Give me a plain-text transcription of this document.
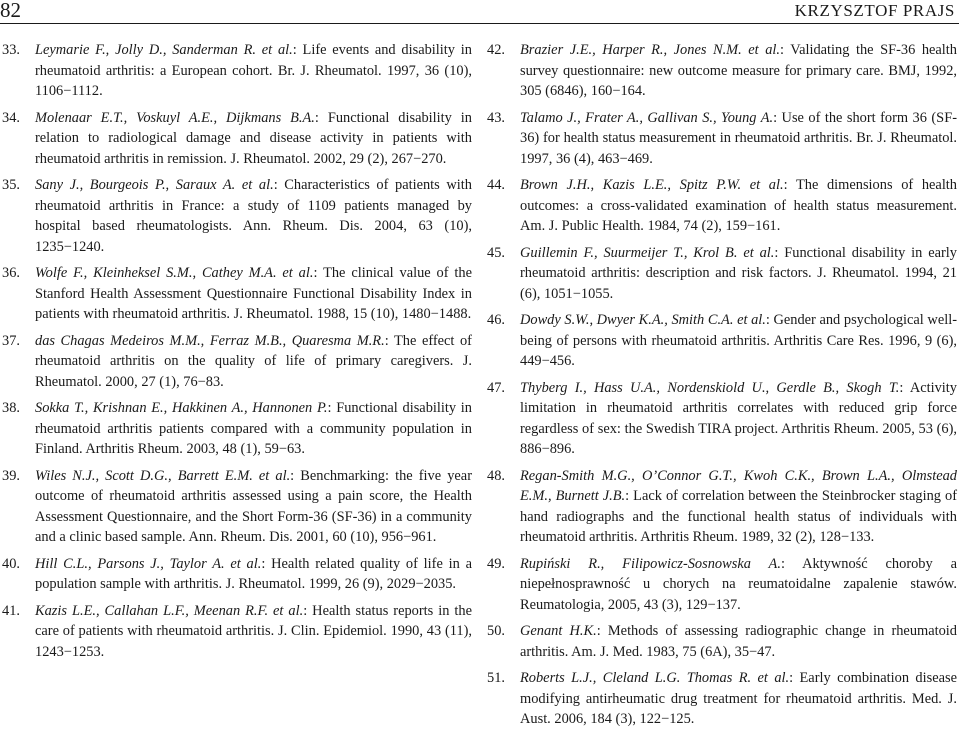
82	KRZYSZTOF PRAJS
33. Leymarie F., Jolly D., Sanderman R. et al.: Life events and disability in rheumatoid arthritis: a European cohort. Br. J. Rheumatol. 1997, 36 (10), 1106−1112.
34. Molenaar E.T., Voskuyl A.E., Dijkmans B.A.: Functional disability in relation to radiological damage and disease activity in patients with rheumatoid arthritis in remission. J. Rheumatol. 2002, 29 (2), 267−270.
35. Sany J., Bourgeois P., Saraux A. et al.: Characteristics of patients with rheumatoid arthritis in France: a study of 1109 patients managed by hospital based rheumatologists. Ann. Rheum. Dis. 2004, 63 (10), 1235−1240.
36. Wolfe F., Kleinheksel S.M., Cathey M.A. et al.: The clinical value of the Stanford Health Assessment Questionnaire Functional Disability Index in patients with rheumatoid arthritis. J. Rheumatol. 1988, 15 (10), 1480−1488.
37. das Chagas Medeiros M.M., Ferraz M.B., Quaresma M.R.: The effect of rheumatoid arthritis on the quality of life of primary caregivers. J. Rheumatol. 2000, 27 (1), 76−83.
38. Sokka T., Krishnan E., Hakkinen A., Hannonen P.: Functional disability in rheumatoid arthritis patients compared with a community population in Finland. Arthritis Rheum. 2003, 48 (1), 59−63.
39. Wiles N.J., Scott D.G., Barrett E.M. et al.: Benchmarking: the five year outcome of rheumatoid arthritis assessed using a pain score, the Health Assessment Questionnaire, and the Short Form-36 (SF-36) in a community and a clinic based sample. Ann. Rheum. Dis. 2001, 60 (10), 956−961.
40. Hill C.L., Parsons J., Taylor A. et al.: Health related quality of life in a population sample with arthritis. J. Rheumatol. 1999, 26 (9), 2029−2035.
41. Kazis L.E., Callahan L.F., Meenan R.F. et al.: Health status reports in the care of patients with rheumatoid arthritis. J. Clin. Epidemiol. 1990, 43 (11), 1243−1253.
42. Brazier J.E., Harper R., Jones N.M. et al.: Validating the SF-36 health survey questionnaire: new outcome measure for primary care. BMJ, 1992, 305 (6846), 160−164.
43. Talamo J., Frater A., Gallivan S., Young A.: Use of the short form 36 (SF-36) for health status measurement in rheumatoid arthritis. Br. J. Rheumatol. 1997, 36 (4), 463−469.
44. Brown J.H., Kazis L.E., Spitz P.W. et al.: The dimensions of health outcomes: a cross-validated examination of health status measurement. Am. J. Public Health. 1984, 74 (2), 159−161.
45. Guillemin F., Suurmeijer T., Krol B. et al.: Functional disability in early rheumatoid arthritis: description and risk factors. J. Rheumatol. 1994, 21 (6), 1051−1055.
46. Dowdy S.W., Dwyer K.A., Smith C.A. et al.: Gender and psychological well-being of persons with rheumatoid arthritis. Arthritis Care Res. 1996, 9 (6), 449−456.
47. Thyberg I., Hass U.A., Nordenskiold U., Gerdle B., Skogh T.: Activity limitation in rheumatoid arthritis correlates with reduced grip force regardless of sex: the Swedish TIRA project. Arthritis Rheum. 2005, 53 (6), 886−896.
48. Regan-Smith M.G., O’Connor G.T., Kwoh C.K., Brown L.A., Olmstead E.M., Burnett J.B.: Lack of correlation between the Steinbrocker staging of hand radiographs and the functional health status of individuals with rheumatoid arthritis. Arthritis Rheum. 1989, 32 (2), 128−133.
49. Rupiński R., Filipowicz-Sosnowska A.: Aktywność choroby a niepełnosprawność u chorych na reumatoidalne zapalenie stawów. Reumatologia, 2005, 43 (3), 129−137.
50. Genant H.K.: Methods of assessing radiographic change in rheumatoid arthritis. Am. J. Med. 1983, 75 (6A), 35−47.
51. Roberts L.J., Cleland L.G. Thomas R. et al.: Early combination disease modifying antirheumatic drug treatment for rheumatoid arthritis. Med. J. Aust. 2006, 184 (3), 122−125.
